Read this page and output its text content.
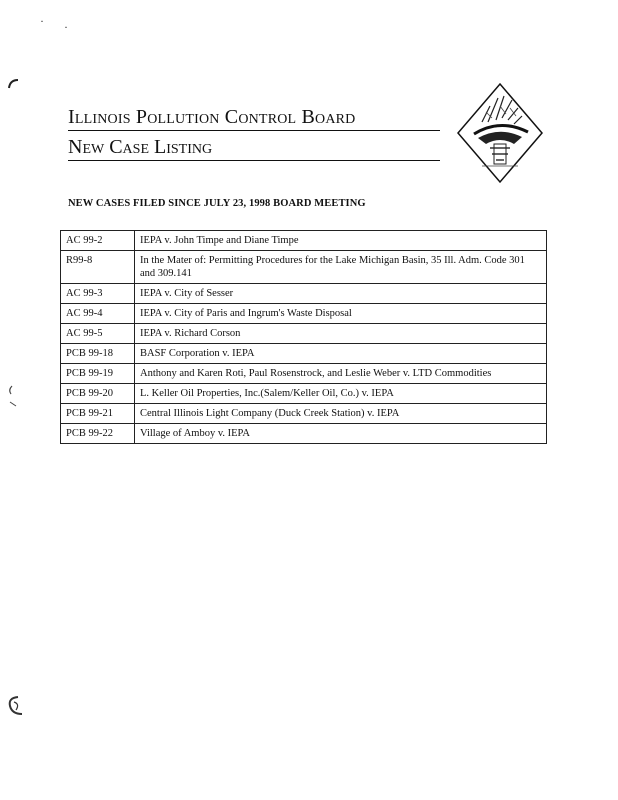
· ·
Illinois Pollution Control Board
New Case Listing
NEW CASES FILED SINCE JULY 23, 1998 BOARD MEETING
AC 99-2	IEPA v. John Timpe and Diane Timpe
R99-8	In the Mater of: Permitting Procedures for the Lake Michigan Basin, 35 Ill. Adm. Code 301 and 309.141
AC 99-3	IEPA v. City of Sesser
AC 99-4	IEPA v. City of Paris and Ingrum's Waste Disposal
AC 99-5	IEPA v. Richard Corson
PCB 99-18	BASF Corporation v. IEPA
PCB 99-19	Anthony and Karen Roti, Paul Rosenstrock, and Leslie Weber v. LTD Commodities
PCB 99-20	L. Keller Oil Properties, Inc.(Salem/Keller Oil, Co.) v. IEPA
PCB 99-21	Central Illinois Light Company (Duck Creek Station) v. IEPA
PCB 99-22	Village of Amboy v. IEPA
